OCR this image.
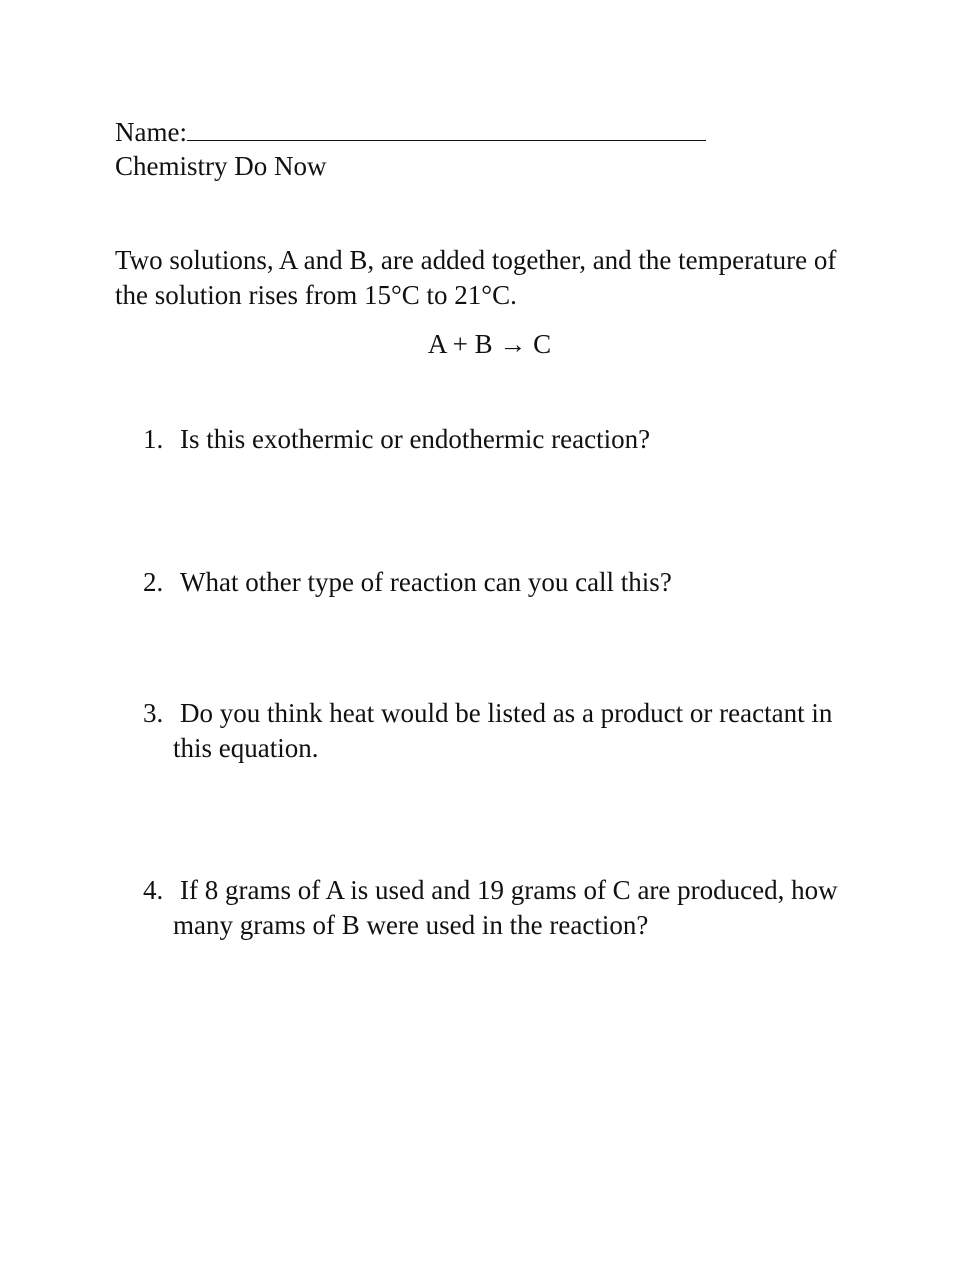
Name:
Chemistry Do Now
Two solutions, A and B, are added together, and the temperature of the solution rises from 15°C to 21°C.
A + B → C
1. Is this exothermic or endothermic reaction?
2. What other type of reaction can you call this?
3. Do you think heat would be listed as a product or reactant in this equation.
4. If 8 grams of A is used and 19 grams of C are produced, how many grams of B were used in the reaction?
